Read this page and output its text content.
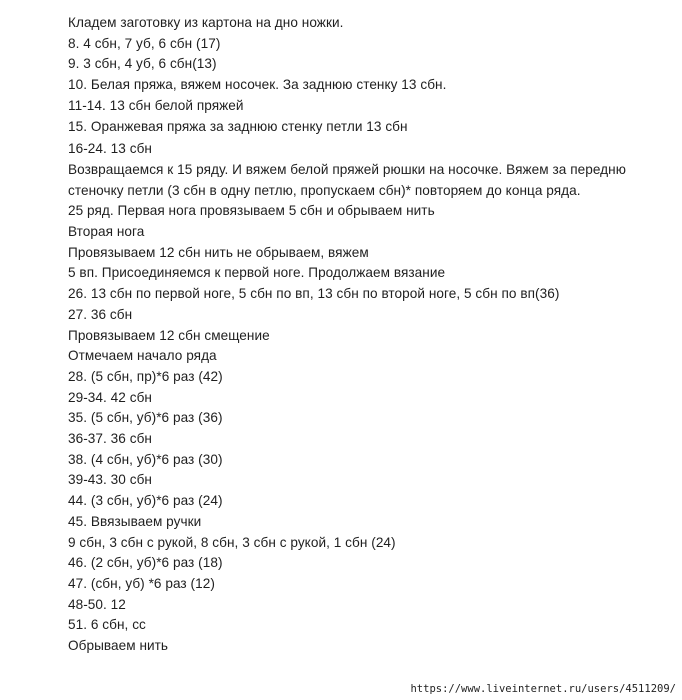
Кладем заготовку из картона на дно ножки.
8. 4 сбн, 7 уб, 6 сбн (17)
9. 3 сбн, 4 уб, 6 сбн(13)
10. Белая пряжа, вяжем носочек. За заднюю стенку 13 сбн.
11-14. 13 сбн белой пряжей
15. Оранжевая пряжа за заднюю стенку петли 13 сбн
16-24. 13 сбн
Возвращаемся к 15 ряду. И вяжем белой пряжей рюшки на носочке. Вяжем за передню стеночку петли (3 сбн в одну петлю, пропускаем сбн)* повторяем до конца ряда.
25 ряд. Первая нога провязываем 5 сбн и обрываем нить
Вторая нога
Провязываем 12 сбн нить не обрываем, вяжем
5 вп. Присоединяемся к первой ноге. Продолжаем вязание
26. 13 сбн по первой ноге, 5 сбн по вп, 13 сбн по второй ноге, 5 сбн по вп(36)
27. 36 сбн
Провязываем 12 сбн смещение
Отмечаем начало ряда
28. (5 сбн, пр)*6 раз (42)
29-34. 42 сбн
35. (5 сбн, уб)*6 раз (36)
36-37. 36 сбн
38. (4 сбн, уб)*6 раз (30)
39-43. 30 сбн
44. (3 сбн, уб)*6 раз (24)
45. Ввязываем ручки
9 сбн, 3 сбн с рукой, 8 сбн, 3 сбн с рукой, 1 сбн (24)
46. (2 сбн, уб)*6 раз (18)
47. (сбн, уб) *6 раз (12)
48-50. 12
51. 6 сбн, сс
Обрываем нить
https://www.liveinternet.ru/users/4511209/
